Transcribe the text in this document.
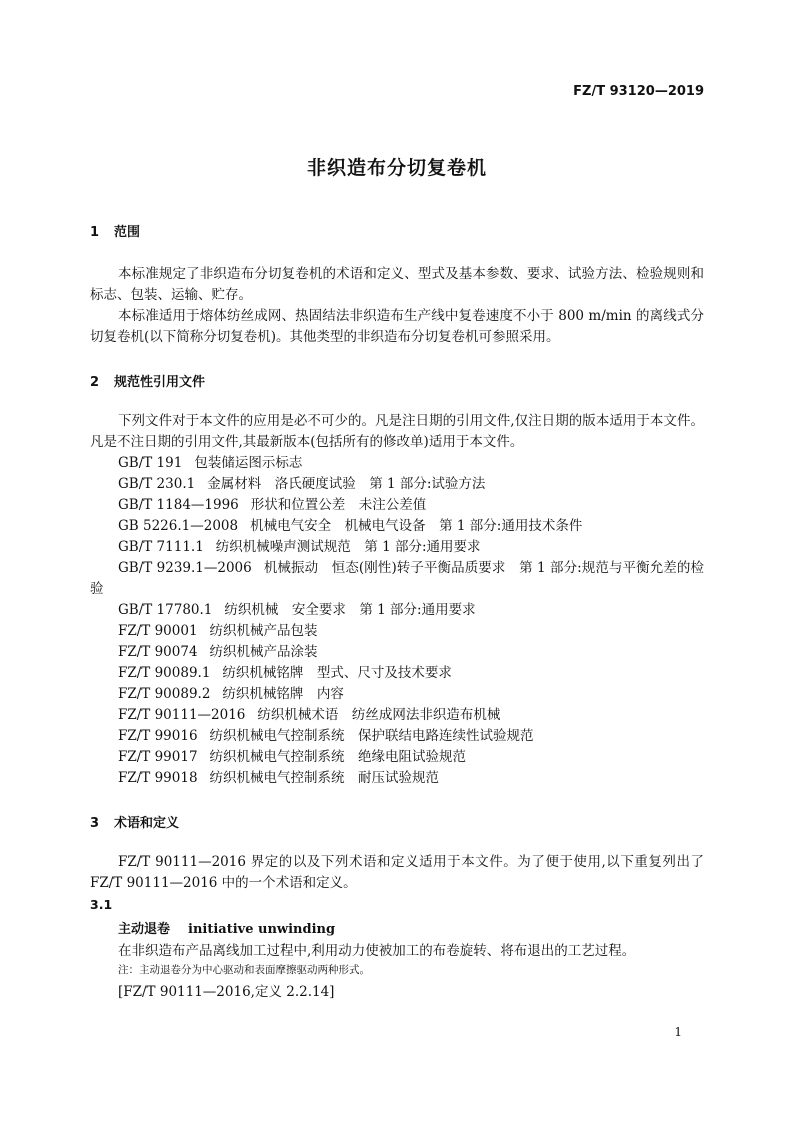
FZ/T 93120—2019
非织造布分切复卷机
1 范围
本标准规定了非织造布分切复卷机的术语和定义、型式及基本参数、要求、试验方法、检验规则和标志、包装、运输、贮存。
本标准适用于熔体纺丝成网、热固结法非织造布生产线中复卷速度不小于 800 m/min 的离线式分切复卷机(以下简称分切复卷机)。其他类型的非织造布分切复卷机可参照采用。
2 规范性引用文件
下列文件对于本文件的应用是必不可少的。凡是注日期的引用文件,仅注日期的版本适用于本文件。凡是不注日期的引用文件,其最新版本(包括所有的修改单)适用于本文件。
GB/T 191 包装储运图示标志
GB/T 230.1 金属材料　洛氏硬度试验　第 1 部分:试验方法
GB/T 1184—1996 形状和位置公差　未注公差值
GB 5226.1—2008 机械电气安全　机械电气设备　第 1 部分:通用技术条件
GB/T 7111.1 纺织机械噪声测试规范　第 1 部分:通用要求
GB/T 9239.1—2006 机械振动　恒态(刚性)转子平衡品质要求　第 1 部分:规范与平衡允差的检验
GB/T 17780.1 纺织机械　安全要求　第 1 部分:通用要求
FZ/T 90001 纺织机械产品包装
FZ/T 90074 纺织机械产品涂装
FZ/T 90089.1 纺织机械铭牌　型式、尺寸及技术要求
FZ/T 90089.2 纺织机械铭牌　内容
FZ/T 90111—2016 纺织机械术语　纺丝成网法非织造布机械
FZ/T 99016 纺织机械电气控制系统　保护联结电路连续性试验规范
FZ/T 99017 纺织机械电气控制系统　绝缘电阻试验规范
FZ/T 99018 纺织机械电气控制系统　耐压试验规范
3 术语和定义
FZ/T 90111—2016 界定的以及下列术语和定义适用于本文件。为了便于使用,以下重复列出了FZ/T 90111—2016 中的一个术语和定义。
3.1
主动退卷 initiative unwinding
在非织造布产品离线加工过程中,利用动力使被加工的布卷旋转、将布退出的工艺过程。
注：主动退卷分为中心驱动和表面摩擦驱动两种形式。
[FZ/T 90111—2016,定义 2.2.14]
1
